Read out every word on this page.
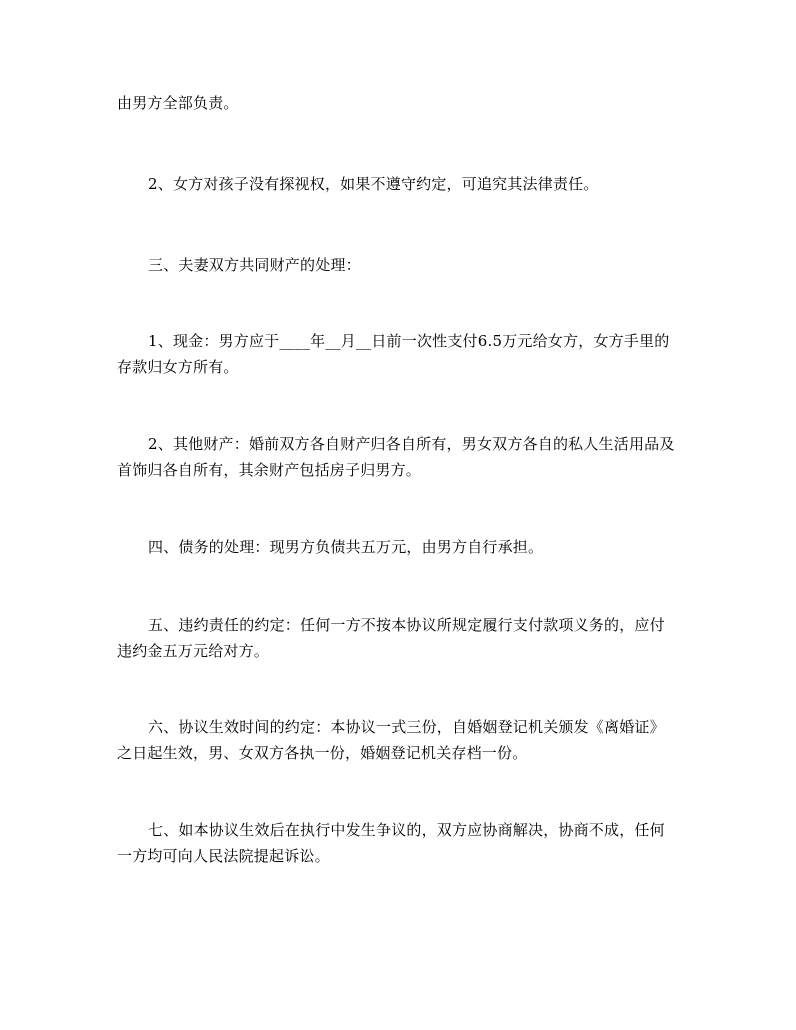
由男方全部负责。

2、女方对孩子没有探视权，如果不遵守约定，可追究其法律责任。

三、夫妻双方共同财产的处理：

1、现金：男方应于____年__月__日前一次性支付6.5万元给女方，女方手里的存款归女方所有。

2、其他财产：婚前双方各自财产归各自所有，男女双方各自的私人生活用品及首饰归各自所有，其余财产包括房子归男方。

四、债务的处理：现男方负债共五万元，由男方自行承担。

五、违约责任的约定：任何一方不按本协议所规定履行支付款项义务的，应付违约金五万元给对方。

六、协议生效时间的约定：本协议一式三份，自婚姻登记机关颁发《离婚证》之日起生效，男、女双方各执一份，婚姻登记机关存档一份。

七、如本协议生效后在执行中发生争议的，双方应协商解决，协商不成，任何一方均可向人民法院提起诉讼。
